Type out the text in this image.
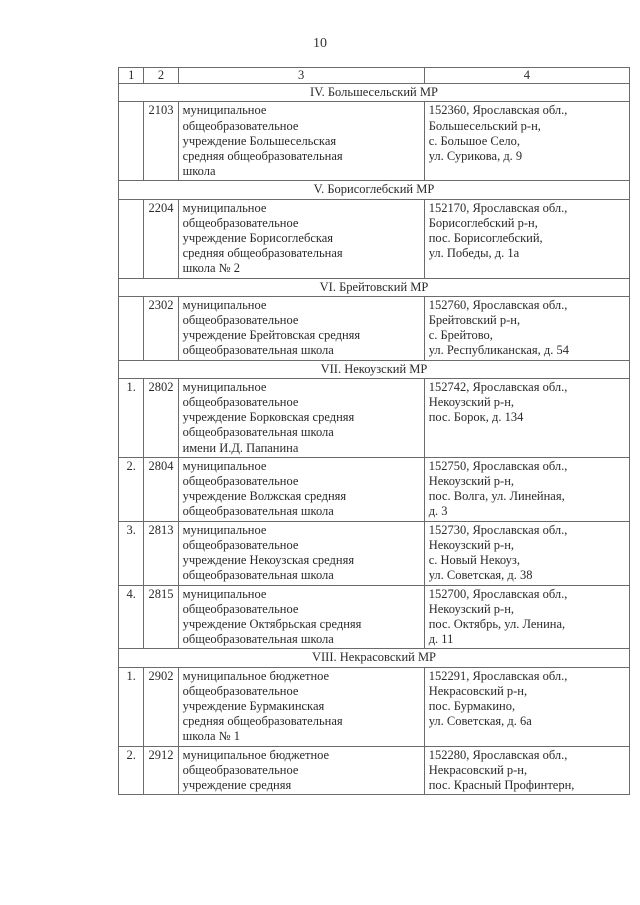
10
1	2	3	4
IV. Большесельский МР			
	2103	муниципальное
общеобразовательное
учреждение Большесельская
средняя общеобразовательная
школа	152360, Ярославская обл.,
Большесельский р-н,
с. Большое Село,
ул. Сурикова, д. 9

V. Борисоглебский МР			
	2204	муниципальное
общеобразовательное
учреждение Борисоглебская
средняя общеобразовательная
школа № 2	152170, Ярославская обл.,
Борисоглебский р-н,
пос. Борисоглебский,
ул. Победы, д. 1а

VI. Брейтовский МР			
	2302	муниципальное
общеобразовательное
учреждение Брейтовская средняя
общеобразовательная школа	152760, Ярославская обл.,
Брейтовский р-н,
с. Брейтово,
ул. Республиканская, д. 54

VII. Некоузский МР			
1.	2802	муниципальное
общеобразовательное
учреждение Борковская средняя
общеобразовательная школа
имени И.Д. Папанина	152742, Ярославская обл.,
Некоузский р-н,
пос. Борок, д. 134

2.	2804	муниципальное
общеобразовательное
учреждение Волжская средняя
общеобразовательная школа	152750, Ярославская обл.,
Некоузский р-н,
пос. Волга, ул. Линейная,
д. 3

3.	2813	муниципальное
общеобразовательное
учреждение Некоузская средняя
общеобразовательная школа	152730, Ярославская обл.,
Некоузский р-н,
с. Новый Некоуз,
ул. Советская, д. 38

4.	2815	муниципальное
общеобразовательное
учреждение Октябрьская средняя
общеобразовательная школа	152700, Ярославская обл.,
Некоузский р-н,
пос. Октябрь, ул. Ленина,
д. 11

VIII. Некрасовский МР			
1.	2902	муниципальное бюджетное
общеобразовательное
учреждение Бурмакинская
средняя общеобразовательная
школа № 1	152291, Ярославская обл.,
Некрасовский р-н,
пос. Бурмакино,
ул. Советская, д. 6а

2.	2912	муниципальное бюджетное
общеобразовательное
учреждение средняя	152280, Ярославская обл.,
Некрасовский р-н,
пос. Красный Профинтерн,
